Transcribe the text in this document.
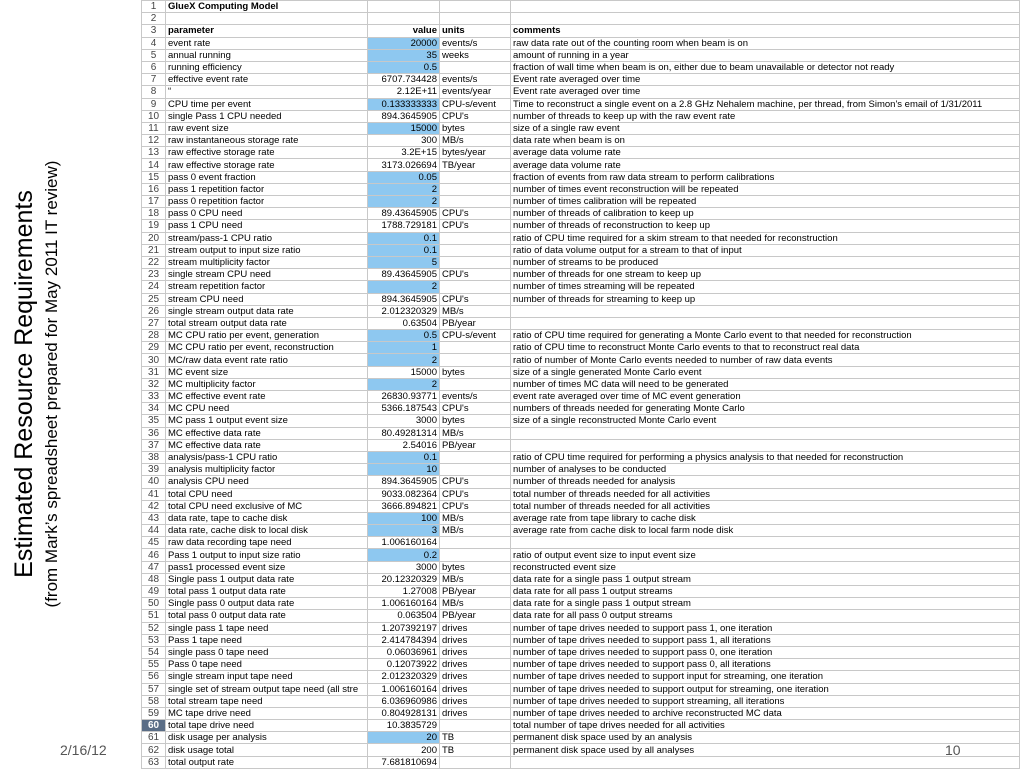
Estimated Resource Requirements (from Mark’s spreadsheet prepared for May 2011 IT review)
1	GlueX Computing Model			
2				
3	parameter	value	units	comments
4	event rate	20000	events/s	raw data rate out of the counting room when beam is on
5	annual running	35	weeks	amount of running in a year
6	running efficiency	0.5		fraction of wall time when beam is on, either due to beam unavailable or detector not ready
7	effective event rate	6707.734428	events/s	Event rate averaged over time
8	“	2.12E+11	events/year	Event rate averaged over time
9	CPU time per event	0.133333333	CPU-s/event	Time to reconstruct a single event on a 2.8 GHz Nehalem machine, per thread, from Simon's email of 1/31/2011
10	single Pass 1 CPU needed	894.3645905	CPU's	number of threads to keep up with the raw event rate
11	raw event size	15000	bytes	size of a single raw event
12	raw instantaneous storage rate	300	MB/s	data rate when beam is on
13	raw effective storage rate	3.2E+15	bytes/year	average data volume rate
14	raw effective storage rate	3173.026694	TB/year	average data volume rate
15	pass 0 event fraction	0.05		fraction of events from raw data stream to perform calibrations
16	pass 1 repetition factor	2		number of times event reconstruction will be repeated
17	pass 0 repetition factor	2		number of times calibration will be repeated
18	pass 0 CPU need	89.43645905	CPU's	number of threads of calibration to keep up
19	pass 1 CPU need	1788.729181	CPU's	number of threads of reconstruction to keep up
20	stream/pass-1 CPU ratio	0.1		ratio of CPU time required for a skim stream to that needed for reconstruction
21	stream output to input size ratio	0.1		ratio of data volume output for a stream to that of input
22	stream multiplicity factor	5		number of streams to be produced
23	single stream CPU need	89.43645905	CPU's	number of threads for one stream to keep up
24	stream repetition factor	2		number of times streaming will be repeated
25	stream CPU need	894.3645905	CPU's	number of threads for streaming to keep up
26	single stream output data rate	2.012320329	MB/s	
27	total stream output data rate	0.63504	PB/year	
28	MC CPU ratio per event, generation	0.5	CPU-s/event	ratio of CPU time required for generating a Monte Carlo event to that needed for reconstruction
29	MC CPU ratio per event, reconstruction	1		ratio of CPU time to reconstruct Monte Carlo events to that to reconstruct real data
30	MC/raw data event rate ratio	2		ratio of number of Monte Carlo events needed to number of raw data events
31	MC event size	15000	bytes	size of a single generated Monte Carlo event
32	MC multiplicity factor	2		number of times MC data will need to be generated
33	MC effective event rate	26830.93771	events/s	event rate averaged over time of MC event generation
34	MC CPU need	5366.187543	CPU's	numbers of threads needed for generating Monte Carlo
35	MC pass 1 output event size	3000	bytes	size of a single reconstructed Monte Carlo event
36	MC effective data rate	80.49281314	MB/s	
37	MC effective data rate	2.54016	PB/year	
38	analysis/pass-1 CPU ratio	0.1		ratio of CPU time required for performing a physics analysis to that needed for reconstruction
39	analysis multiplicity factor	10		number of analyses to be conducted
40	analysis CPU need	894.3645905	CPU's	number of threads needed for analysis
41	total CPU need	9033.082364	CPU's	total number of threads needed for all activities
42	total CPU need exclusive of MC	3666.894821	CPU's	total number of threads needed for all activities
43	data rate, tape to cache disk	100	MB/s	average rate from tape library to cache disk
44	data rate, cache disk to local disk	3	MB/s	average rate from cache disk to local farm node disk
45	raw data recording tape need	1.006160164		
46	Pass 1 output to input size ratio	0.2		ratio of output event size to input event size
47	pass1 processed event size	3000	bytes	reconstructed event size
48	Single pass 1 output data rate	20.12320329	MB/s	data rate for a single pass 1 output stream
49	total pass 1 output data rate	1.27008	PB/year	data rate for all pass 1 output streams
50	Single pass 0 output data rate	1.006160164	MB/s	data rate for a single pass 1 output stream
51	total pass 0 output data rate	0.063504	PB/year	data rate for all pass 0 output streams
52	single pass 1 tape need	1.207392197	drives	number of tape drives needed to support pass 1, one iteration
53	Pass 1 tape need	2.414784394	drives	number of tape drives needed to support pass 1, all iterations
54	single pass 0 tape need	0.06036961	drives	number of tape drives needed to support pass 0, one iteration
55	Pass 0 tape need	0.12073922	drives	number of tape drives needed to support pass 0, all iterations
56	single stream input tape need	2.012320329	drives	number of tape drives needed to support input for streaming, one iteration
57	single set of stream output tape need (all stre	1.006160164	drives	number of tape drives needed to support output for streaming, one iteration
58	total stream tape need	6.036960986	drives	number of tape drives needed to support streaming, all iterations
59	MC tape drive need	0.804928131	drives	number of tape drives needed to archive reconstructed MC data
60	total tape drive need	10.3835729		total number of tape drives needed for all activities
61	disk usage per analysis	20	TB	permanent disk space used by an analysis
62	disk usage total	200	TB	permanent disk space used by all analyses
63	total output rate	7.681810694		
2/16/12	10
